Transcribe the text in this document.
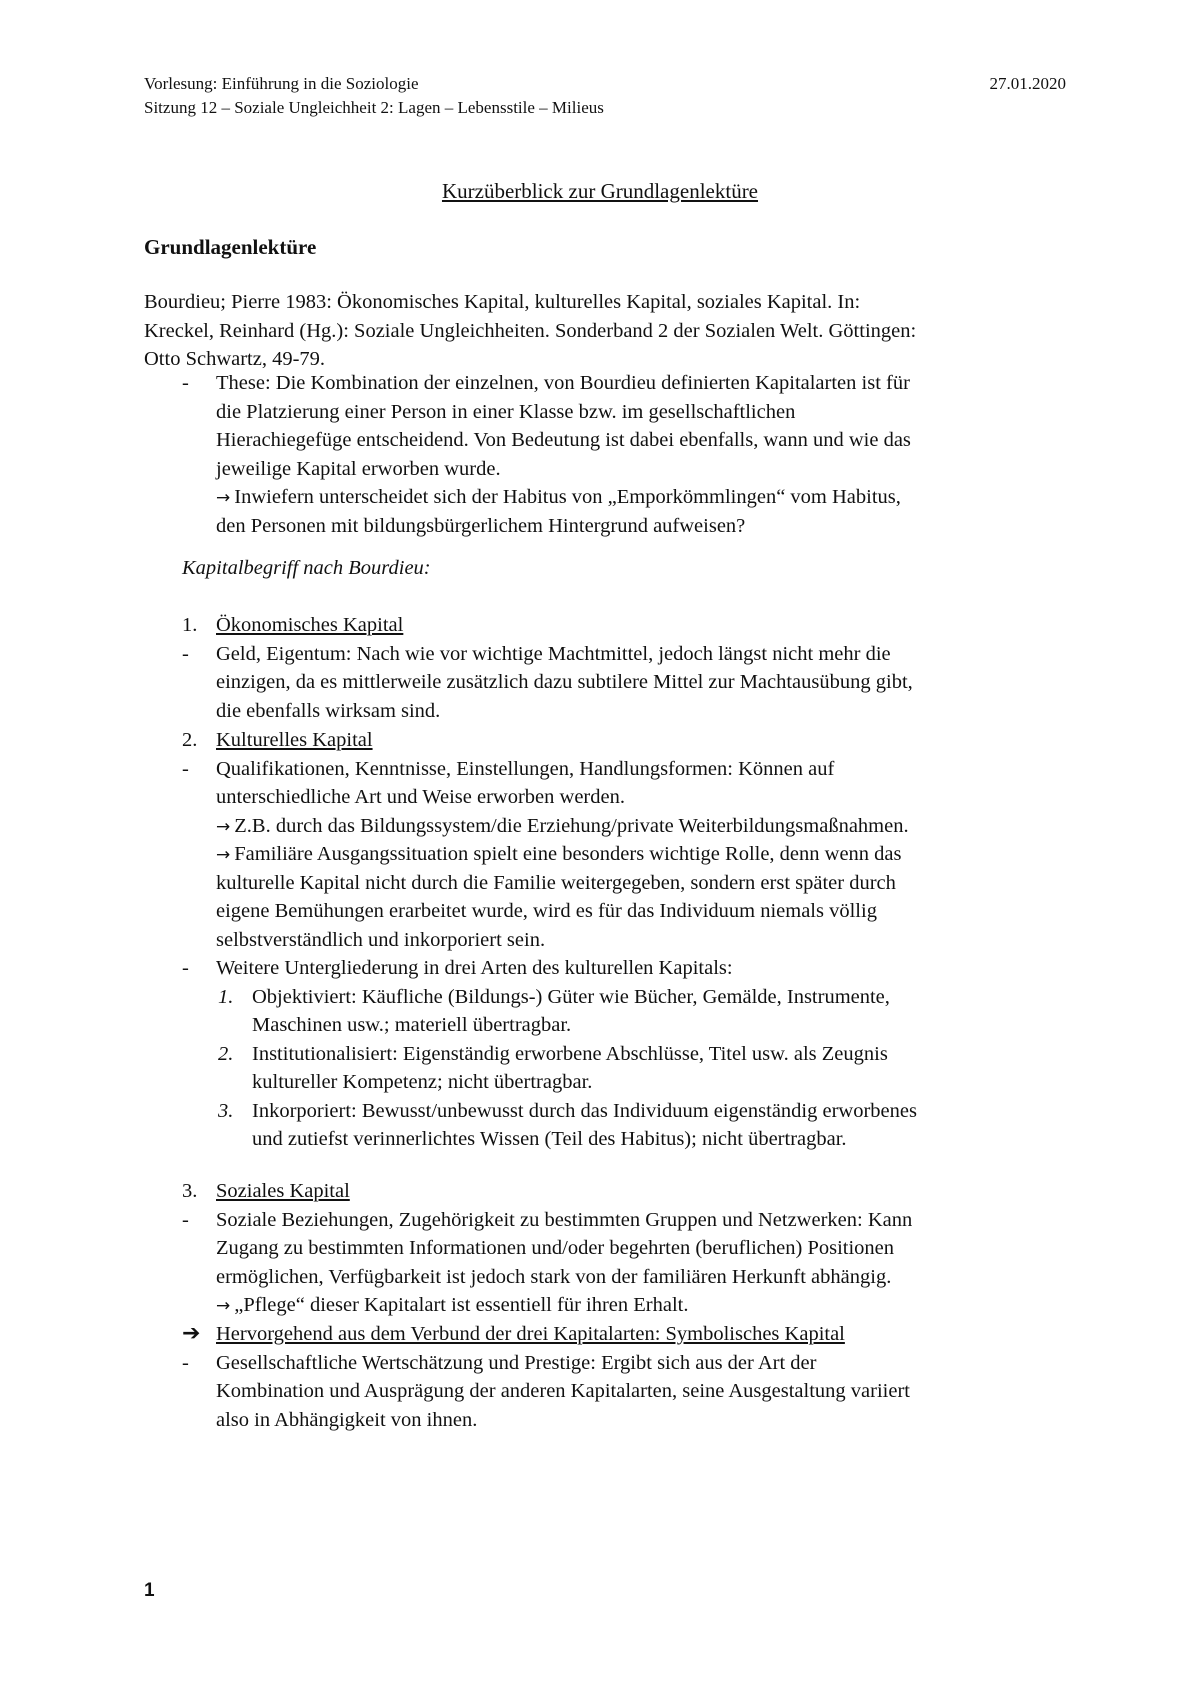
Vorlesung: Einführung in die Soziologie
Sitzung 12 – Soziale Ungleichheit 2: Lagen – Lebensstile – Milieus
27.01.2020
Kurzüberblick zur Grundlagenlektüre
Grundlagenlektüre
Bourdieu; Pierre 1983: Ökonomisches Kapital, kulturelles Kapital, soziales Kapital. In:
Kreckel, Reinhard (Hg.): Soziale Ungleichheiten. Sonderband 2 der Sozialen Welt. Göttingen:
Otto Schwartz, 49-79.
-	These: Die Kombination der einzelnen, von Bourdieu definierten Kapitalarten ist für
die Platzierung einer Person in einer Klasse bzw. im gesellschaftlichen
Hierachiegefüge entscheidend. Von Bedeutung ist dabei ebenfalls, wann und wie das
jeweilige Kapital erworben wurde.
→ Inwiefern unterscheidet sich der Habitus von „Emporkömmlingen“ vom Habitus,
den Personen mit bildungsbürgerlichem Hintergrund aufweisen?
Kapitalbegriff nach Bourdieu:
1. Ökonomisches Kapital
-	Geld, Eigentum: Nach wie vor wichtige Machtmittel, jedoch längst nicht mehr die
einzigen, da es mittlerweile zusätzlich dazu subtilere Mittel zur Machtausübung gibt,
die ebenfalls wirksam sind.
2. Kulturelles Kapital
-	Qualifikationen, Kenntnisse, Einstellungen, Handlungsformen: Können auf
unterschiedliche Art und Weise erworben werden.
→ Z.B. durch das Bildungssystem/die Erziehung/private Weiterbildungsmaßnahmen.
→ Familiäre Ausgangssituation spielt eine besonders wichtige Rolle, denn wenn das
kulturelle Kapital nicht durch die Familie weitergegeben, sondern erst später durch
eigene Bemühungen erarbeitet wurde, wird es für das Individuum niemals völlig
selbstverständlich und inkorporiert sein.
-	Weitere Untergliederung in drei Arten des kulturellen Kapitals:
1. Objektiviert: Käufliche (Bildungs-) Güter wie Bücher, Gemälde, Instrumente,
Maschinen usw.; materiell übertragbar.
2. Institutionalisiert: Eigenständig erworbene Abschlüsse, Titel usw. als Zeugnis
kultureller Kompetenz; nicht übertragbar.
3. Inkorporiert: Bewusst/unbewusst durch das Individuum eigenständig erworbenes
und zutiefst verinnerlichtes Wissen (Teil des Habitus); nicht übertragbar.
3. Soziales Kapital
-	Soziale Beziehungen, Zugehörigkeit zu bestimmten Gruppen und Netzwerken: Kann
Zugang zu bestimmten Informationen und/oder begehrten (beruflichen) Positionen
ermöglichen, Verfügbarkeit ist jedoch stark von der familiären Herkunft abhängig.
→ „Pflege“ dieser Kapitalart ist essentiell für ihren Erhalt.
➔ Hervorgehend aus dem Verbund der drei Kapitalarten: Symbolisches Kapital
-	Gesellschaftliche Wertschätzung und Prestige: Ergibt sich aus der Art der
Kombination und Ausprägung der anderen Kapitalarten, seine Ausgestaltung variiert
also in Abhängigkeit von ihnen.
1
